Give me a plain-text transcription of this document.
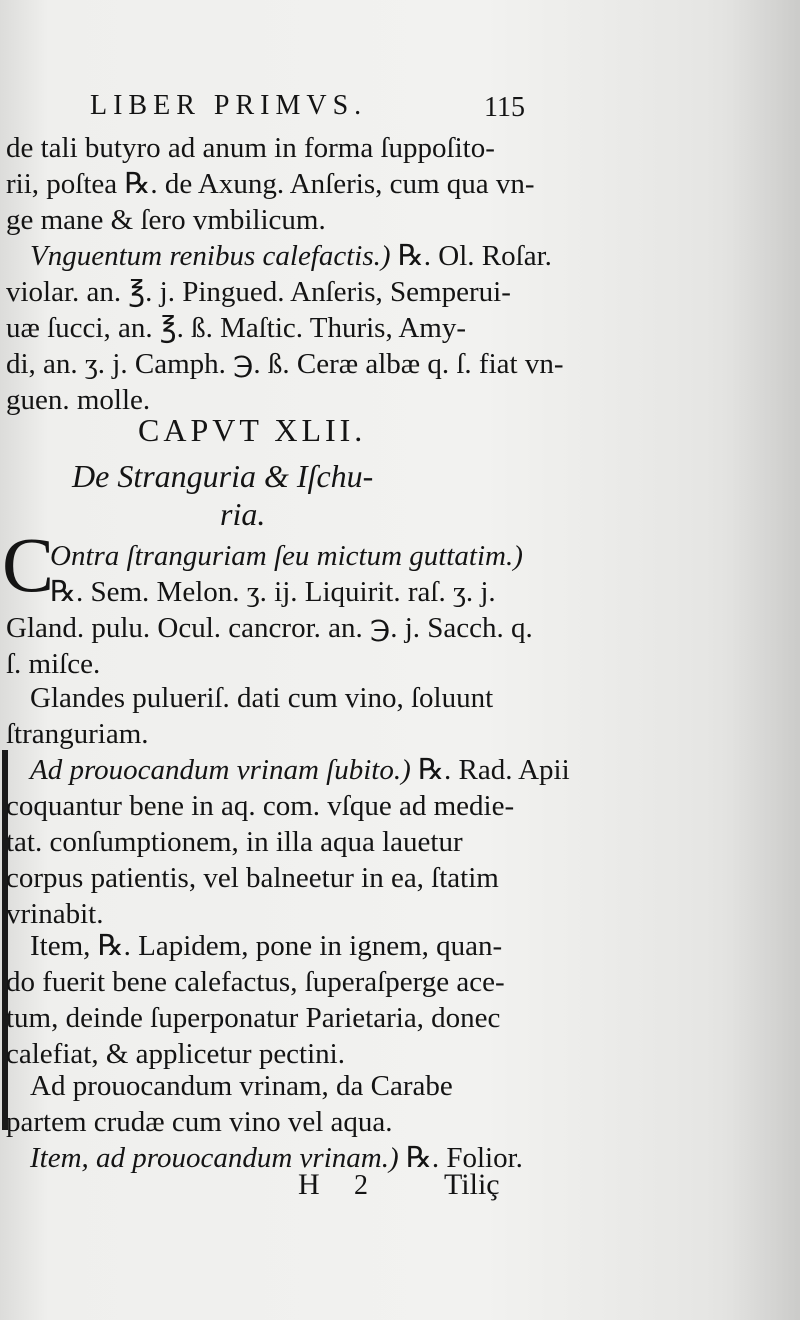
LIBER PRIMVS.	115
de tali butyro ad anum in forma ſuppoſito-
rii, poſtea ℞. de Axung. Anſeris, cum qua vn-
ge mane & ſero vmbilicum.
Vnguentum renibus calefactis.) ℞. Ol. Roſar.
violar. an. ℥. j. Pingued. Anſeris, Semperui-
uæ ſucci, an. ℥. ß. Maſtic. Thuris, Amy-
di, an. ʒ. j. Camph. ℈. ß. Ceræ albæ q. ſ. fiat vn-
guen. molle.
CAPVT XLII.
De Stranguria & Iſchu-
ria.
C
Ontra ſtranguriam ſeu mictum guttatim.)
℞. Sem. Melon. ʒ. ij. Liquirit. raſ. ʒ. j.
Gland. pulu. Ocul. cancror. an. ℈. j. Sacch. q.
ſ. miſce.
Glandes pulueriſ. dati cum vino, ſoluunt
ſtranguriam.
Ad prouocandum vrinam ſubito.) ℞. Rad. Apii
coquantur bene in aq. com. vſque ad medie-
tat. conſumptionem, in illa aqua lauetur
corpus patientis, vel balneetur in ea, ſtatim
vrinabit.
Item, ℞. Lapidem, pone in ignem, quan-
do fuerit bene calefactus, ſuperaſperge ace-
tum, deinde ſuperponatur Parietaria, donec
calefiat, & applicetur pectini.
Ad prouocandum vrinam, da Carabe
partem crudæ cum vino vel aqua.
Item, ad prouocandum vrinam.) ℞. Folior.
H 2	Tiliç
